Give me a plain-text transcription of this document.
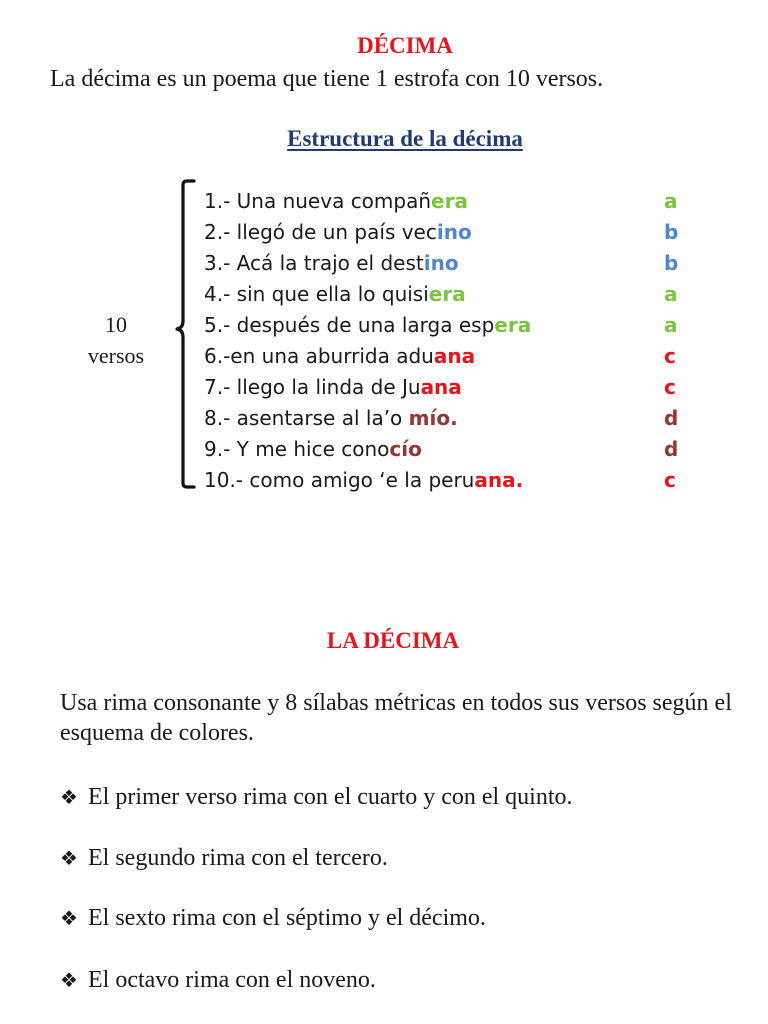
DÉCIMA
La décima es un poema que tiene 1 estrofa con 10 versos.
Estructura de la décima
10
versos
1.- Una nueva compañera	a
2.- llegó de un país vecino	b
3.- Acá la trajo el destino	b
4.- sin que ella lo quisiera	a
5.- después de una larga espera	a
6.-en una aburrida aduana	c
7.- llego la linda de Juana	c
8.- asentarse al la’o mío.	d
9.- Y me hice conocío	d
10.- como amigo ‘e la peruana.	c
LA DÉCIMA
Usa rima consonante y 8 sílabas métricas en todos sus versos según el esquema de colores.
❖ El primer verso rima con el cuarto y con el quinto.
❖ El segundo rima con el tercero.
❖ El sexto rima con el séptimo y el décimo.
❖ El octavo rima con el noveno.
